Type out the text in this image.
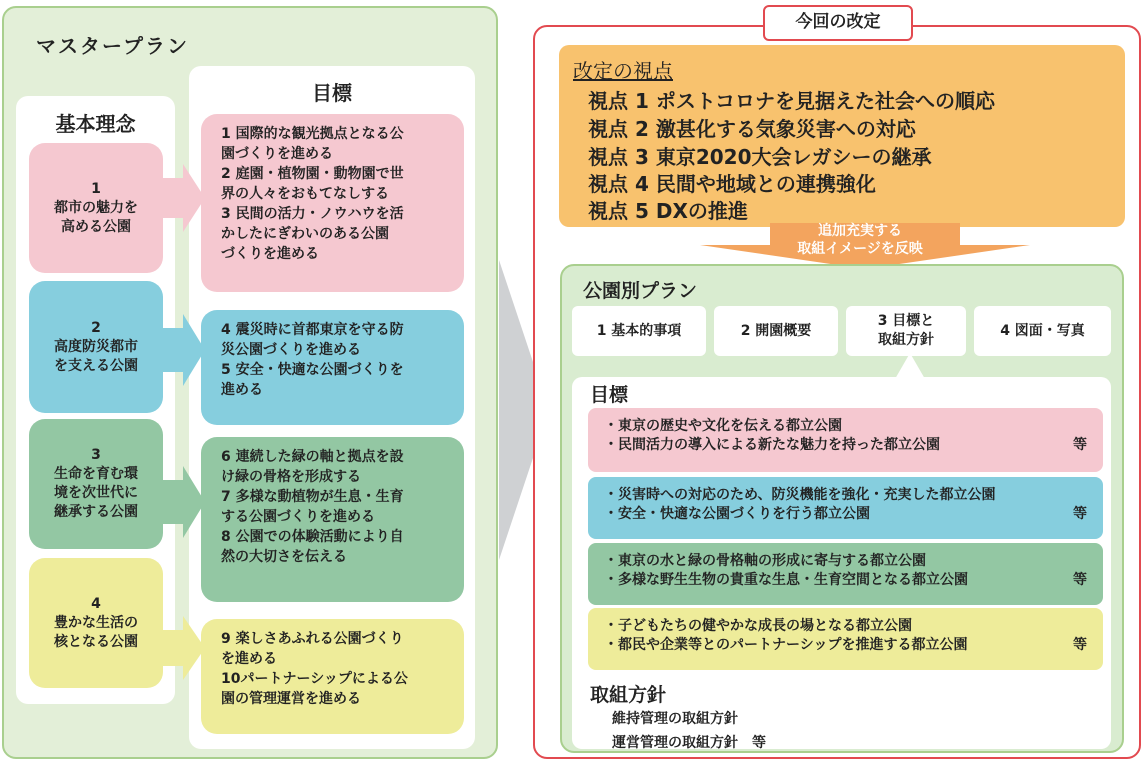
マスタープラン
基本理念
目標
1
都市の魅力を
高める公園
2
高度防災都市
を支える公園
3
生命を育む環
境を次世代に
継承する公園
4
豊かな生活の
核となる公園
1 国際的な観光拠点となる公
園づくりを進める
2 庭園・植物園・動物園で世
界の人々をおもてなしする
3 民間の活力・ノウハウを活
かしたにぎわいのある公園
づくりを進める
4 震災時に首都東京を守る防
災公園づくりを進める
5 安全・快適な公園づくりを
進める
6 連続した緑の軸と拠点を設
け緑の骨格を形成する
7 多様な動植物が生息・生育
する公園づくりを進める
8 公園での体験活動により自
然の大切さを伝える
9 楽しさあふれる公園づくり
を進める
10パートナーシップによる公
園の管理運営を進める
今回の改定
改定の視点
視点 1 ポストコロナを見据えた社会への順応
視点 2 激甚化する気象災害への対応
視点 3 東京2020大会レガシーの継承
視点 4 民間や地域との連携強化
視点 5 DXの推進
追加充実する
取組イメージを反映
公園別プラン
1 基本的事項	2 開園概要
3 目標と
取組方針
4 図面・写真
目標
・東京の歴史や文化を伝える都立公園
・民間活力の導入による新たな魅力を持った都立公園	等
・災害時への対応のため、防災機能を強化・充実した都立公園
・安全・快適な公園づくりを行う都立公園	等
・東京の水と緑の骨格軸の形成に寄与する都立公園
・多様な野生生物の貴重な生息・生育空間となる都立公園	等
・子どもたちの健やかな成長の場となる都立公園
・都民や企業等とのパートナーシップを推進する都立公園	等
取組方針
維持管理の取組方針
運営管理の取組方針　等
